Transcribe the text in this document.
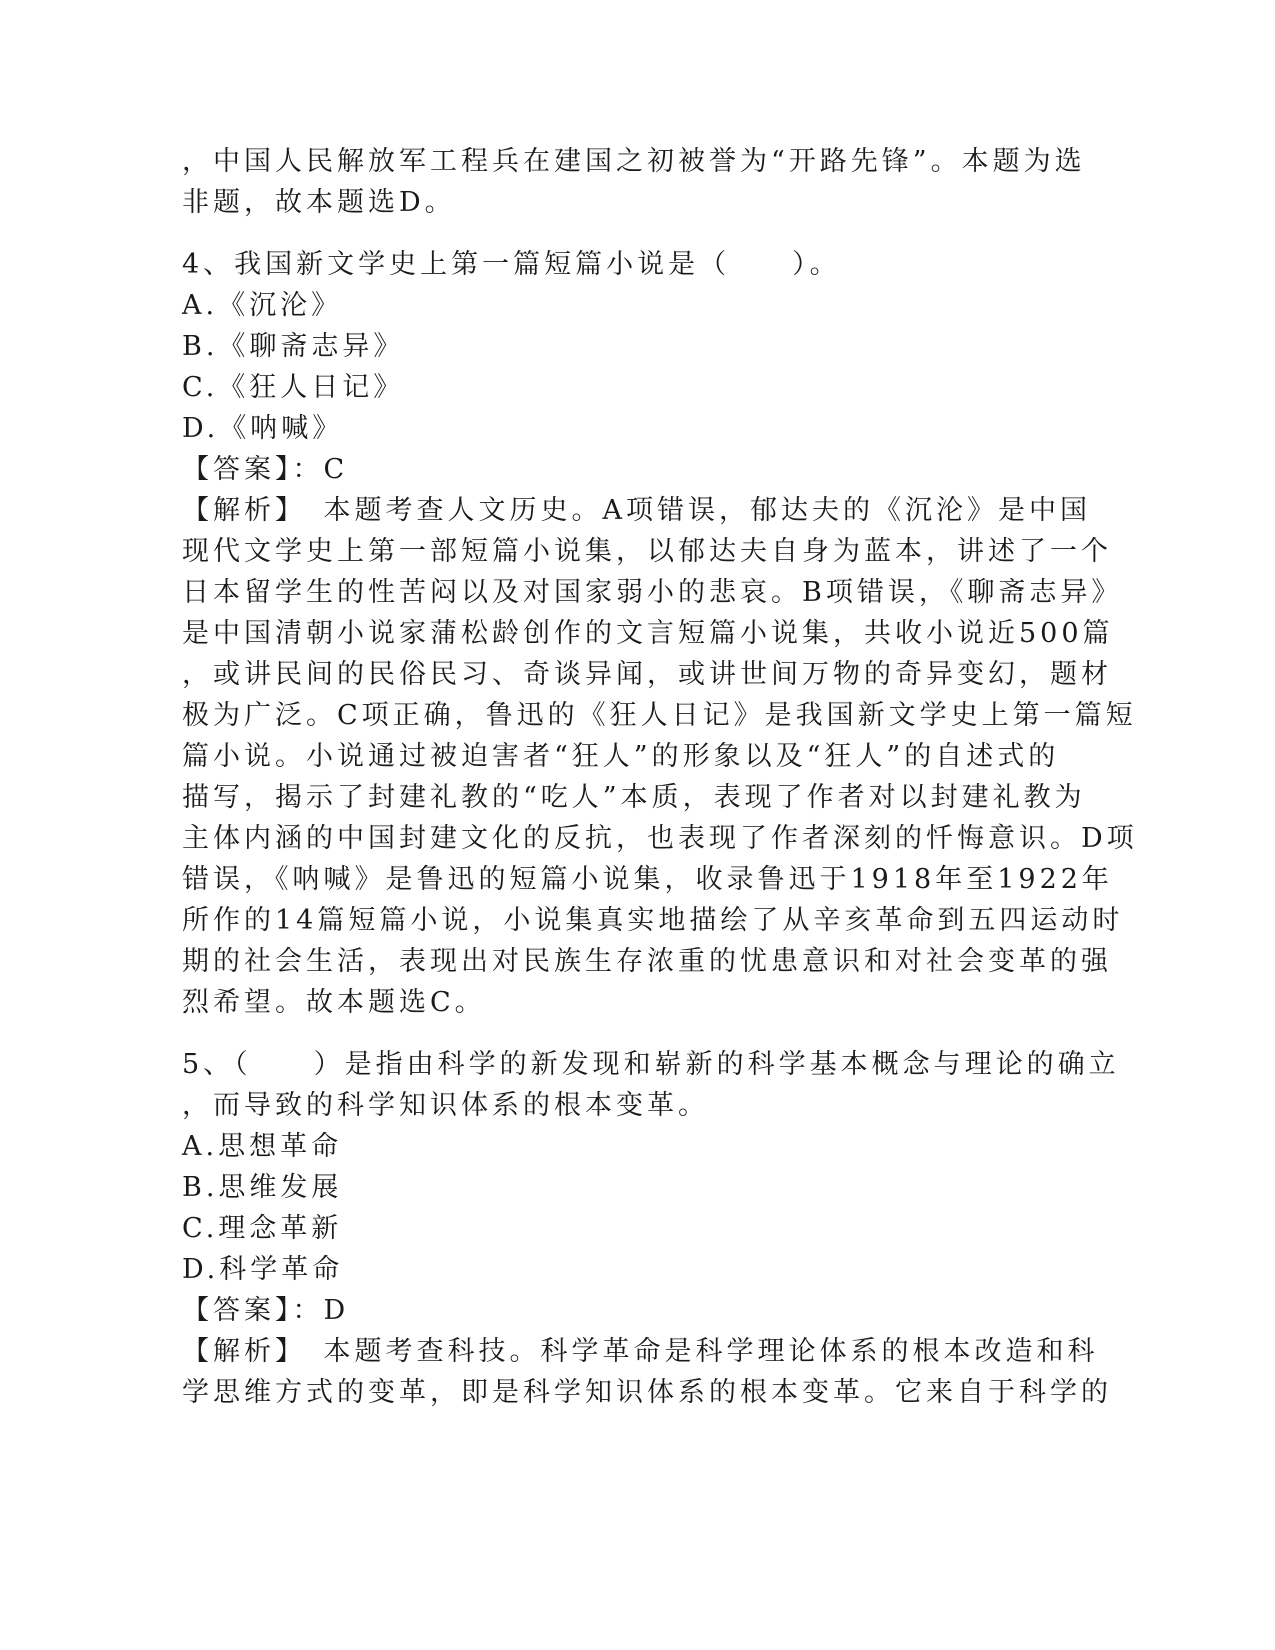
，中国人民解放军工程兵在建国之初被誉为“开路先锋”。本题为选
非题，故本题选D。
4、我国新文学史上第一篇短篇小说是（　　）。
A.《沉沦》
B.《聊斋志异》
C.《狂人日记》
D.《呐喊》
【答案】：C
【解析】　本题考查人文历史。A项错误，郁达夫的《沉沦》是中国
现代文学史上第一部短篇小说集，以郁达夫自身为蓝本，讲述了一个
日本留学生的性苦闷以及对国家弱小的悲哀。B项错误，《聊斋志异》
是中国清朝小说家蒲松龄创作的文言短篇小说集，共收小说近500篇
，或讲民间的民俗民习、奇谈异闻，或讲世间万物的奇异变幻，题材
极为广泛。C项正确，鲁迅的《狂人日记》是我国新文学史上第一篇短
篇小说。小说通过被迫害者“狂人”的形象以及“狂人”的自述式的
描写，揭示了封建礼教的“吃人”本质，表现了作者对以封建礼教为
主体内涵的中国封建文化的反抗，也表现了作者深刻的忏悔意识。D项
错误，《呐喊》是鲁迅的短篇小说集，收录鲁迅于1918年至1922年
所作的14篇短篇小说，小说集真实地描绘了从辛亥革命到五四运动时
期的社会生活，表现出对民族生存浓重的忧患意识和对社会变革的强
烈希望。故本题选C。
5、（　　）是指由科学的新发现和崭新的科学基本概念与理论的确立
，而导致的科学知识体系的根本变革。
A.思想革命
B.思维发展
C.理念革新
D.科学革命
【答案】：D
【解析】　本题考查科技。科学革命是科学理论体系的根本改造和科
学思维方式的变革，即是科学知识体系的根本变革。它来自于科学的
